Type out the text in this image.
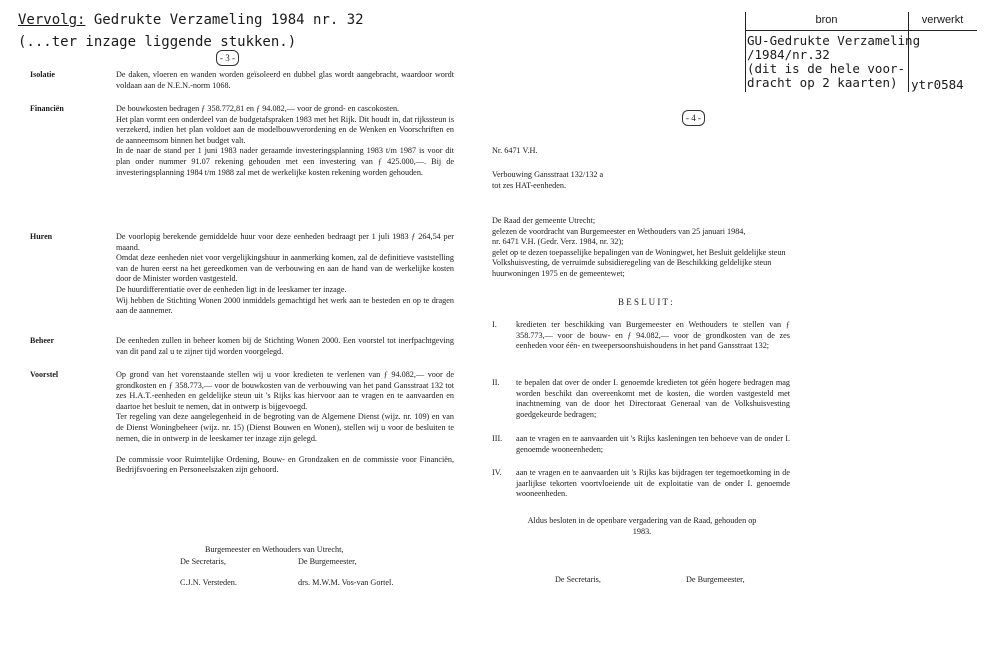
Vervolg: Gedrukte Verzameling 1984 nr. 32
(...ter inzage liggende stukken.)
- 3 -
- 4 -
Isolatie	De daken, vloeren en wanden worden geïsoleerd en dubbel glas wordt aangebracht, waardoor wordt voldaan aan de N.E.N.-norm 1068.
Financiën	De bouwkosten bedragen ƒ 358.772,81 en ƒ 94.082,— voor de grond- en cascokosten.
Het plan vormt een onderdeel van de budgetafspraken 1983 met het Rijk. Dit houdt in, dat rijkssteun is verzekerd, indien het plan voldoet aan de modelbouwverordening en de Wenken en Voorschriften en de aanneemsom binnen het budget valt.
In de naar de stand per 1 juni 1983 nader geraamde investeringsplanning 1983 t/m 1987 is voor dit plan onder nummer 91.07 rekening gehouden met een investering van ƒ 425.000,—. Bij de investeringsplanning 1984 t/m 1988 zal met de werkelijke kosten rekening worden gehouden.
Huren	De voorlopig berekende gemiddelde huur voor deze eenheden bedraagt per 1 juli 1983 ƒ 264,54 per maand.
Omdat deze eenheden niet voor vergelijkingshuur in aanmerking komen, zal de definitieve vaststelling van de huren eerst na het gereedkomen van de verbouwing en aan de hand van de werkelijke kosten door de Minister worden vastgesteld.
De huurdifferentiatie over de eenheden ligt in de leeskamer ter inzage.
Wij hebben de Stichting Wonen 2000 inmiddels gemachtigd het werk aan te besteden en op te dragen aan de aannemer.
Beheer	De eenheden zullen in beheer komen bij de Stichting Wonen 2000. Een voorstel tot inerfpachtgeving van dit pand zal u te zijner tijd worden voorgelegd.
Voorstel	Op grond van het vorenstaande stellen wij u voor kredieten te verlenen van ƒ 94.082,— voor de grondkosten en ƒ 358.773,— voor de bouwkosten van de verbouwing van het pand Gansstraat 132 tot zes H.A.T.-eenheden en geldelijke steun uit 's Rijks kas hiervoor aan te vragen en te aanvaarden en daartoe het besluit te nemen, dat in ontwerp is bijgevoegd.
Ter regeling van deze aangelegenheid in de begroting van de Algemene Dienst (wijz. nr. 109) en van de Dienst Woningbeheer (wijz. nr. 15) (Dienst Bouwen en Wonen), stellen wij u voor de besluiten te nemen, die in ontwerp in de leeskamer ter inzage zijn gelegd.

De commissie voor Ruimtelijke Ordening, Bouw- en Grondzaken en de commissie voor Financiën, Bedrijfsvoering en Personeelszaken zijn gehoord.
Burgemeester en Wethouders van Utrecht,
De Secretaris,	De Burgemeester,
C.J.N. Versteden.	drs. M.W.M. Vos-van Gortel.
Nr. 6471 V.H.
Verbouwing Gansstraat 132/132 a
tot zes HAT-eenheden.
De Raad der gemeente Utrecht;
gelezen de voordracht van Burgemeester en Wethouders van 25 januari 1984,
nr. 6471 V.H. (Gedr. Verz. 1984, nr. 32);
gelet op te dezen toepasselijke bepalingen van de Woningwet, het Besluit geldelijke steun Volkshuisvesting, de verruimde subsidieregeling van de Beschikking geldelijke steun huurwoningen 1975 en de gemeentewet;
B E S L U I T :
I. kredieten ter beschikking van Burgemeester en Wethouders te stellen van ƒ 358.773,— voor de bouw- en ƒ 94.082,— voor de grondkosten van de zes eenheden voor één- en tweepersoonshuishoudens in het pand Gansstraat 132;
II. te bepalen dat over de onder I. genoemde kredieten tot géén hogere bedragen mag worden beschikt dan overeenkomt met de kosten, die worden vastgesteld met inachtneming van de door het Directoraat Generaal van de Volkshuisvesting goedgekeurde bedragen;
III. aan te vragen en te aanvaarden uit 's Rijks kasleningen ten behoeve van de onder I. genoemde wooneenheden;
IV. aan te vragen en te aanvaarden uit 's Rijks kas bijdragen ter tegemoetkoming in de jaarlijkse tekorten voortvloeiende uit de exploitatie van de onder I. genoemde wooneenheden.
Aldus besloten in de openbare vergadering van de Raad, gehouden op
1983.
De Secretaris,	De Burgemeester,
bron	verwerkt
GU-Gedrukte Verzameling
/1984/nr.32
(dit is de hele voor-
dracht op 2 kaarten)	ytr0584
